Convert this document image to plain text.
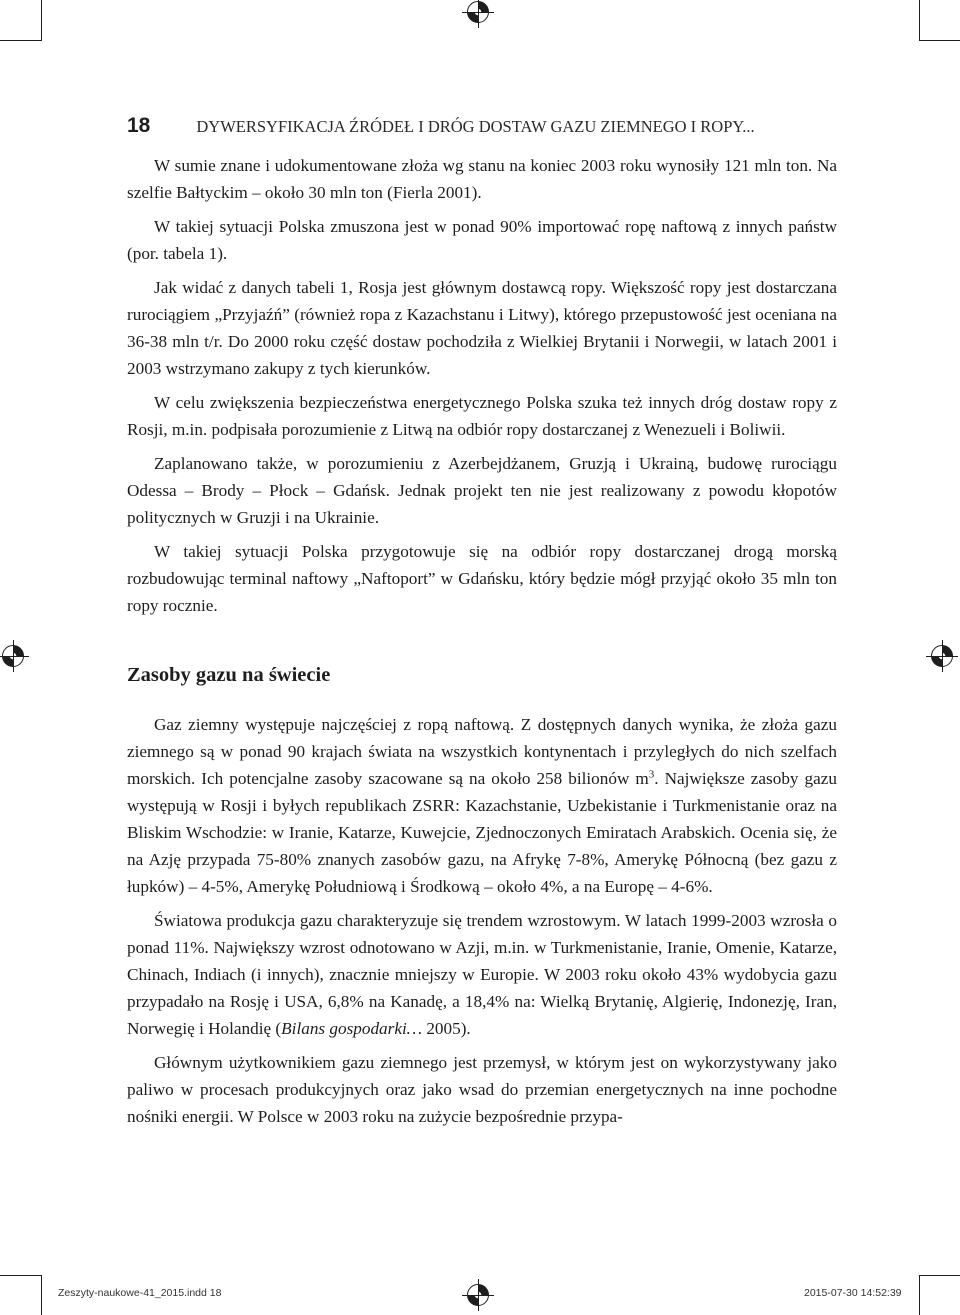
18	DYWERSYFIKACJA ŹRÓDEŁ I DRÓG DOSTAW GAZU ZIEMNEGO I ROPY...

W sumie znane i udokumentowane złoża wg stanu na koniec 2003 roku wynosiły 121 mln ton. Na szelfie Bałtyckim – około 30 mln ton (Fierla 2001).

W takiej sytuacji Polska zmuszona jest w ponad 90% importować ropę naftową z innych państw (por. tabela 1).

Jak widać z danych tabeli 1, Rosja jest głównym dostawcą ropy. Większość ropy jest dostarczana rurociągiem „Przyjaźń” (również ropa z Kazachstanu i Litwy), którego przepustowość jest oceniana na 36-38 mln t/r. Do 2000 roku część dostaw pochodziła z Wielkiej Brytanii i Norwegii, w latach 2001 i 2003 wstrzymano zakupy z tych kierunków.

W celu zwiększenia bezpieczeństwa energetycznego Polska szuka też innych dróg dostaw ropy z Rosji, m.in. podpisała porozumienie z Litwą na odbiór ropy dostarczanej z Wenezueli i Boliwii.

Zaplanowano także, w porozumieniu z Azerbejdżanem, Gruzją i Ukrainą, budowę rurociągu Odessa – Brody – Płock – Gdańsk. Jednak projekt ten nie jest realizowany z powodu kłopotów politycznych w Gruzji i na Ukrainie.

W takiej sytuacji Polska przygotowuje się na odbiór ropy dostarczanej drogą morską rozbudowując terminal naftowy „Naftoport” w Gdańsku, który będzie mógł przyjąć około 35 mln ton ropy rocznie.

Zasoby gazu na świecie

Gaz ziemny występuje najczęściej z ropą naftową. Z dostępnych danych wynika, że złoża gazu ziemnego są w ponad 90 krajach świata na wszystkich kontynentach i przyległych do nich szelfach morskich. Ich potencjalne zasoby szacowane są na około 258 bilionów $m^3$. Największe zasoby gazu występują w Rosji i byłych republikach ZSRR: Kazachstanie, Uzbekistanie i Turkmenistanie oraz na Bliskim Wschodzie: w Iranie, Katarze, Kuwejcie, Zjednoczonych Emiratach Arabskich. Ocenia się, że na Azję przypada 75-80% znanych zasobów gazu, na Afrykę 7-8%, Amerykę Północną (bez gazu z łupków) – 4-5%, Amerykę Południową i Środkową – około 4%, a na Europę – 4-6%.

Światowa produkcja gazu charakteryzuje się trendem wzrostowym. W latach 1999-2003 wzrosła o ponad 11%. Największy wzrost odnotowano w Azji, m.in. w Turkmenistanie, Iranie, Omenie, Katarze, Chinach, Indiach (i innych), znacznie mniejszy w Europie. W 2003 roku około 43% wydobycia gazu przypadało na Rosję i USA, 6,8% na Kanadę, a 18,4% na: Wielką Brytanię, Algierię, Indonezję, Iran, Norwegię i Holandię (Bilans gospodarki… 2005).

Głównym użytkownikiem gazu ziemnego jest przemysł, w którym jest on wykorzystywany jako paliwo w procesach produkcyjnych oraz jako wsad do przemian energetycznych na inne pochodne nośniki energii. W Polsce w 2003 roku na zużycie bezpośrednie przypa-

Zeszyty-naukowe-41_2015.indd 18	2015-07-30 14:52:39
